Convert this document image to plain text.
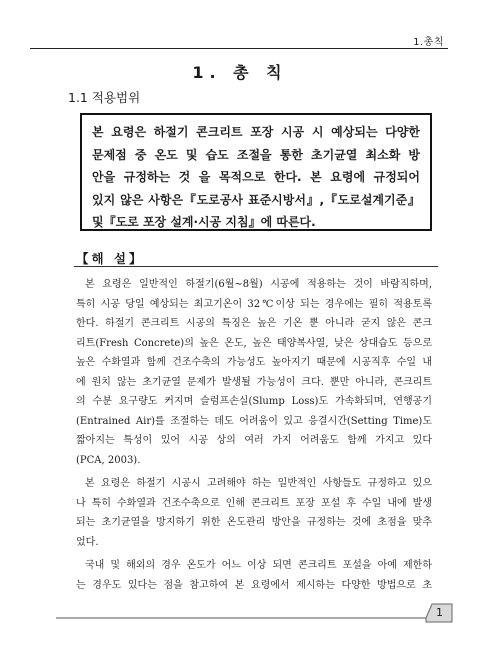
1.총칙
1. 총 칙
1.1 적용범위

본 요령은 하절기 콘크리트 포장 시공 시 예상되는 다양한

문제점 중 온도 및 습도 조절을 통한 초기균열 최소화 방

안을 규정하는 것 을 목적으로 한다. 본 요령에 규정되어

있지 않은 사항은『도로공사 표준시방서』,『도로설계기준』

및『도로 포장 설계·시공 지침』에 따른다.

【해 설】
본 요령은 일반적인 하절기(6월∼8월) 시공에 적용하는 것이 바람직하며,
특히 시공 당일 예상되는 최고기온이 32℃이상 되는 경우에는 필히 적용토록
한다. 하절기 콘크리트 시공의 특징은 높은 기온 뿐 아니라 굳지 않은 콘크
리트(Fresh Concrete)의 높은 온도, 높은 태양복사열, 낮은 상대습도 등으로
높은 수화열과 함께 건조수축의 가능성도 높아지기 때문에 시공직후 수일 내
에 원치 않는 초기균열 문제가 발생될 가능성이 크다. 뿐만 아니라, 콘크리트
의 수분 요구량도 커지며 슬럼프손실(Slump Loss)도 가속화되며, 연행공기
(Entrained Air)를 조절하는 데도 어려움이 있고 응결시간(Setting Time)도
짧아지는 특성이 있어 시공 상의 여러 가지 어려움도 함께 가지고 있다
(PCA, 2003).
본 요령은 하절기 시공시 고려해야 하는 일반적인 사항들도 규정하고 있으
나 특히 수화열과 건조수축으로 인해 콘크리트 포장 포설 후 수일 내에 발생
되는 초기균열을 방지하기 위한 온도관리 방안을 규정하는 것에 초점을 맞추
었다.
국내 및 해외의 경우 온도가 어느 이상 되면 콘크리트 포설을 아예 제한하
는 경우도 있다는 점을 참고하여 본 요령에서 제시하는 다양한 방법으로 초
1
